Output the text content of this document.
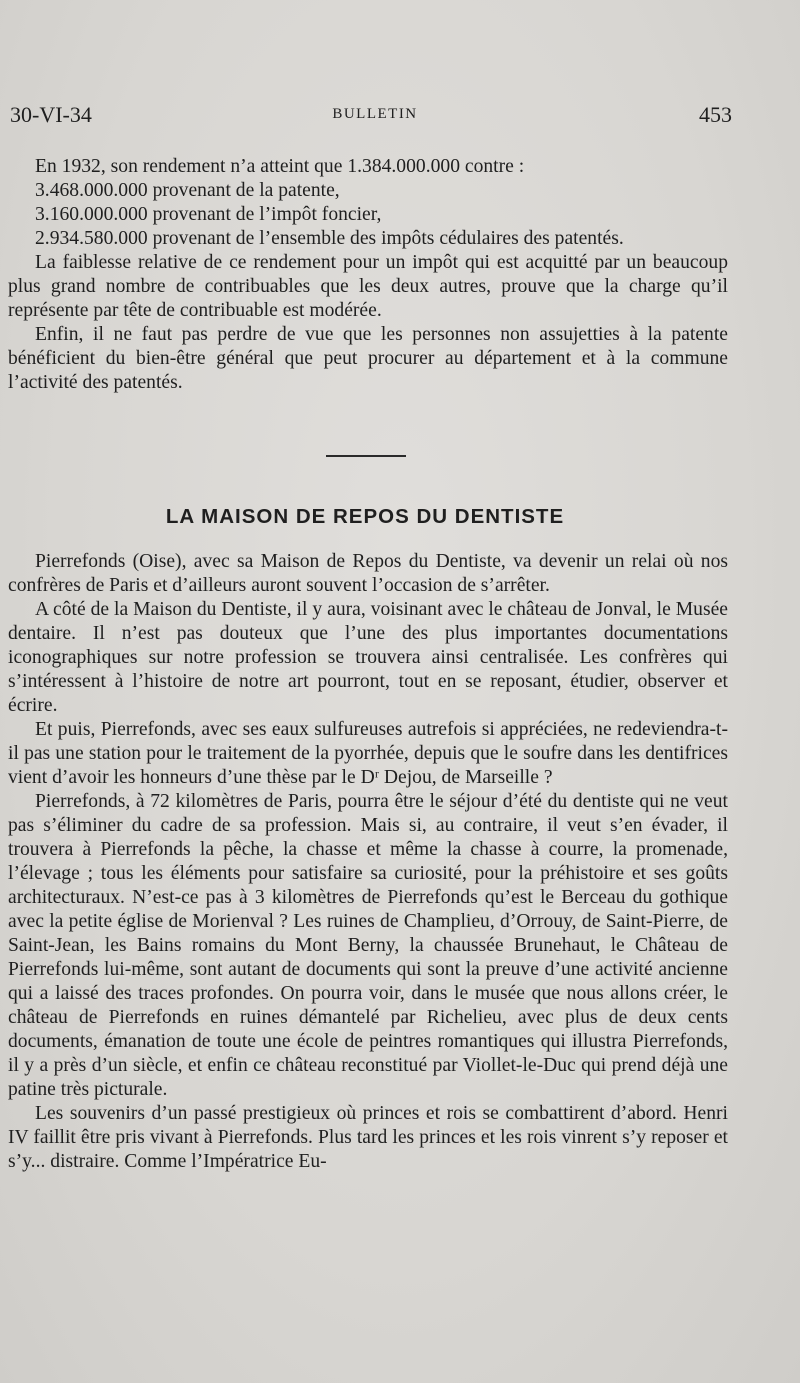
30-VI-34	BULLETIN	453

En 1932, son rendement n’a atteint que 1.384.000.000 contre :

3.468.000.000 provenant de la patente,

3.160.000.000 provenant de l’impôt foncier,

2.934.580.000 provenant de l’ensemble des impôts cédulaires des patentés.

La faiblesse relative de ce rendement pour un impôt qui est acquitté par un beaucoup plus grand nombre de contribuables que les deux autres, prouve que la charge qu’il représente par tête de contribuable est modérée.

Enfin, il ne faut pas perdre de vue que les personnes non assujetties à la patente bénéficient du bien-être général que peut procurer au département et à la commune l’activité des patentés.

LA MAISON DE REPOS DU DENTISTE

Pierrefonds (Oise), avec sa Maison de Repos du Dentiste, va devenir un relai où nos confrères de Paris et d’ailleurs auront souvent l’occasion de s’arrêter.

A côté de la Maison du Dentiste, il y aura, voisinant avec le château de Jonval, le Musée dentaire. Il n’est pas douteux que l’une des plus importantes documentations iconographiques sur notre profession se trouvera ainsi centralisée. Les confrères qui s’intéressent à l’histoire de notre art pourront, tout en se reposant, étudier, observer et écrire.

Et puis, Pierrefonds, avec ses eaux sulfureuses autrefois si appréciées, ne redeviendra-t-il pas une station pour le traitement de la pyorrhée, depuis que le soufre dans les dentifrices vient d’avoir les honneurs d’une thèse par le Dʳ Dejou, de Marseille ?

Pierrefonds, à 72 kilomètres de Paris, pourra être le séjour d’été du dentiste qui ne veut pas s’éliminer du cadre de sa profession. Mais si, au contraire, il veut s’en évader, il trouvera à Pierrefonds la pêche, la chasse et même la chasse à courre, la promenade, l’élevage ; tous les éléments pour satisfaire sa curiosité, pour la préhistoire et ses goûts architecturaux. N’est-ce pas à 3 kilomètres de Pierrefonds qu’est le Berceau du gothique avec la petite église de Morienval ? Les ruines de Champlieu, d’Orrouy, de Saint-Pierre, de Saint-Jean, les Bains romains du Mont Berny, la chaussée Brunehaut, le Château de Pierrefonds lui-même, sont autant de documents qui sont la preuve d’une activité ancienne qui a laissé des traces profondes. On pourra voir, dans le musée que nous allons créer, le château de Pierrefonds en ruines démantelé par Richelieu, avec plus de deux cents documents, émanation de toute une école de peintres romantiques qui illustra Pierrefonds, il y a près d’un siècle, et enfin ce château reconstitué par Viollet-le-Duc qui prend déjà une patine très picturale.

Les souvenirs d’un passé prestigieux où princes et rois se combattirent d’abord. Henri IV faillit être pris vivant à Pierrefonds. Plus tard les princes et les rois vinrent s’y reposer et s’y... distraire. Comme l’Impératrice Eu-
